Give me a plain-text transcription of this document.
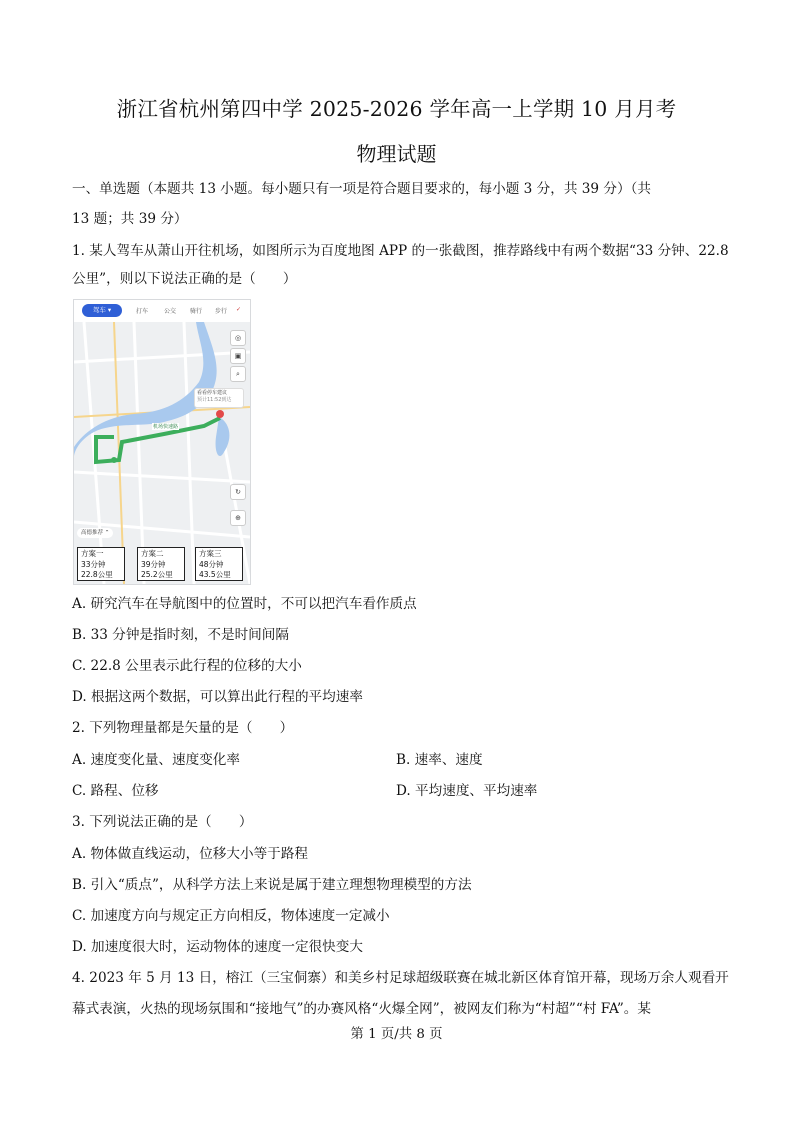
浙江省杭州第四中学 2025-2026 学年高一上学期 10 月月考
物理试题
一、单选题（本题共 13 小题。每小题只有一项是符合题目要求的，每小题 3 分，共 39 分）（共
13 题；共 39 分）
1. 某人驾车从萧山开往机场，如图所示为百度地图 APP 的一张截图，推荐路线中有两个数据“33 分钟、22.8
公里”，则以下说法正确的是（　　）
驾车 ▾	打车	公交 骑行 步行 ✓
◎
▣
⌕
↻
⊕
看看停车建议
预计11:52到达
机场快速路
高德推荐 ⌃
方案一
33分钟
22.8公里
方案二
39分钟
25.2公里
方案三
48分钟
43.5公里
A. 研究汽车在导航图中的位置时，不可以把汽车看作质点
B. 33 分钟是指时刻，不是时间间隔
C. 22.8 公里表示此行程的位移的大小
D. 根据这两个数据，可以算出此行程的平均速率
2. 下列物理量都是矢量的是（　　）
A. 速度变化量、速度变化率	B. 速率、速度
C. 路程、位移	D. 平均速度、平均速率
3. 下列说法正确的是（　　）
A. 物体做直线运动，位移大小等于路程
B. 引入“质点”，从科学方法上来说是属于建立理想物理模型的方法
C. 加速度方向与规定正方向相反，物体速度一定减小
D. 加速度很大时，运动物体的速度一定很快变大
4. 2023 年 5 月 13 日，榕江（三宝侗寨）和美乡村足球超级联赛在城北新区体育馆开幕，现场万余人观看开
幕式表演，火热的现场氛围和“接地气”的办赛风格“火爆全网”，被网友们称为“村超”“村 FA”。某
第 1 页/共 8 页
